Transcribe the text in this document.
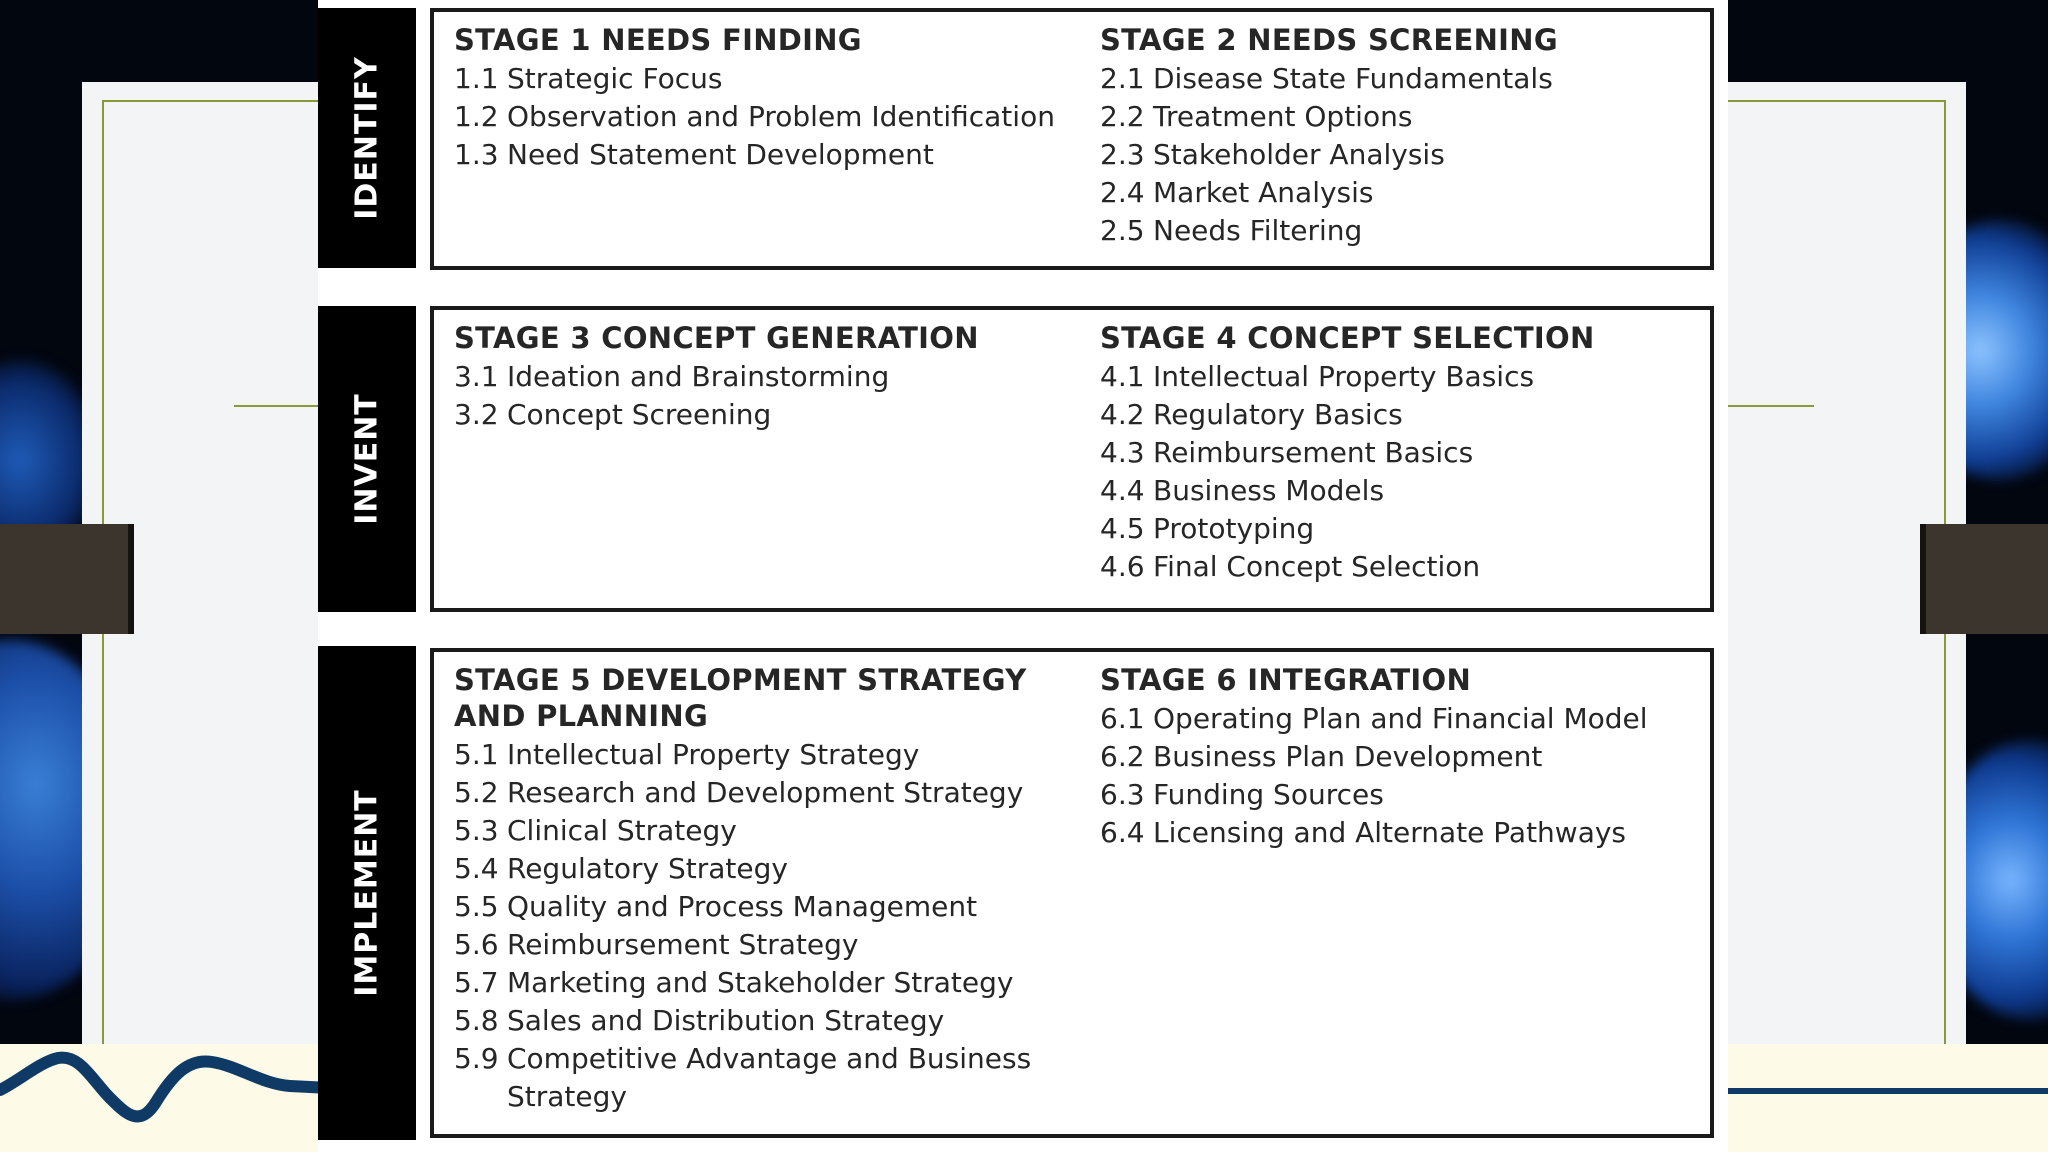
IDENTIFY
INVENT
IMPLEMENT
STAGE 1 NEEDS FINDING
1.1 Strategic Focus
1.2 Observation and Problem Identification
1.3 Need Statement Development
STAGE 2 NEEDS SCREENING
2.1 Disease State Fundamentals
2.2 Treatment Options
2.3 Stakeholder Analysis
2.4 Market Analysis
2.5 Needs Filtering
STAGE 3 CONCEPT GENERATION
3.1 Ideation and Brainstorming
3.2 Concept Screening
STAGE 4 CONCEPT SELECTION
4.1 Intellectual Property Basics
4.2 Regulatory Basics
4.3 Reimbursement Basics
4.4 Business Models
4.5 Prototyping
4.6 Final Concept Selection
STAGE 5 DEVELOPMENT STRATEGY
AND PLANNING
5.1 Intellectual Property Strategy
5.2 Research and Development Strategy
5.3 Clinical Strategy
5.4 Regulatory Strategy
5.5 Quality and Process Management
5.6 Reimbursement Strategy
5.7 Marketing and Stakeholder Strategy
5.8 Sales and Distribution Strategy
5.9 Competitive Advantage and Business
Strategy
STAGE 6 INTEGRATION
6.1 Operating Plan and Financial Model
6.2 Business Plan Development
6.3 Funding Sources
6.4 Licensing and Alternate Pathways
